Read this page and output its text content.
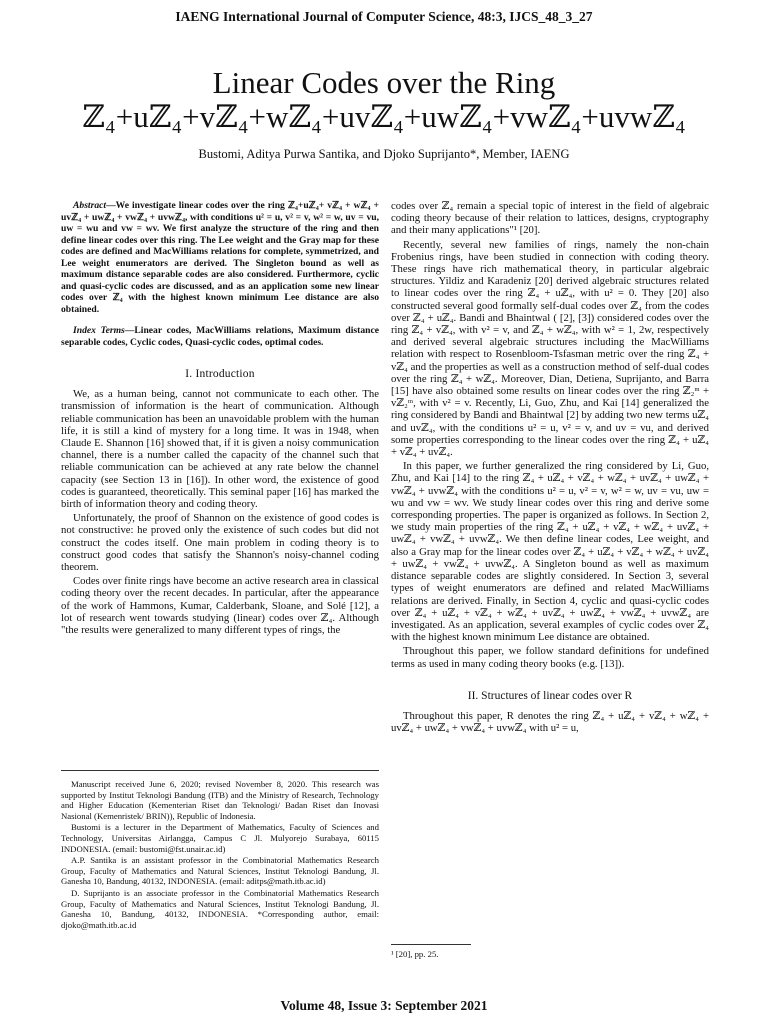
IAENG International Journal of Computer Science, 48:3, IJCS_48_3_27
Linear Codes over the Ring
ℤ₄+uℤ₄+vℤ₄+wℤ₄+uvℤ₄+uwℤ₄+vwℤ₄+uvwℤ₄
Bustomi, Aditya Purwa Santika, and Djoko Suprijanto*, Member, IAENG

Abstract—We investigate linear codes over the ring ℤ₄+uℤ₄+ vℤ₄ + wℤ₄ + uvℤ₄ + uwℤ₄ + vwℤ₄ + uvwℤ₄, with conditions u² = u, v² = v, w² = w, uv = vu, uw = wu and vw = wv. We first analyze the structure of the ring and then define linear codes over this ring. The Lee weight and the Gray map for these codes are defined and MacWilliams relations for complete, symmetrized, and Lee weight enumerators are derived. The Singleton bound as well as maximum distance separable codes are also considered. Furthermore, cyclic and quasi-cyclic codes are discussed, and as an application some new linear codes over ℤ₄ with the highest known minimum Lee distance are also obtained.

Index Terms—Linear codes, MacWilliams relations, Maximum distance separable codes, Cyclic codes, Quasi-cyclic codes, optimal codes.

I. Introduction

We, as a human being, cannot not communicate to each other. The transmission of information is the heart of communication. Although reliable communication has been an unavoidable problem with the human life, it is still a kind of mystery for a long time. It was in 1948, when Claude E. Shannon [16] showed that, if it is given a noisy communication channel, there is a number called the capacity of the channel such that reliable communication can be achieved at any rate below the channel capacity (see Section 13 in [16]). In other word, the existence of good codes is guaranteed, theoretically. This seminal paper [16] has marked the birth of information theory and coding theory.

Unfortunately, the proof of Shannon on the existence of good codes is not constructive: he proved only the existence of such codes but did not construct the codes itself. One main problem in coding theory is to construct good codes that satisfy the Shannon's noisy-channel coding theorem.

Codes over finite rings have become an active research area in classical coding theory over the recent decades. In particular, after the appearance of the work of Hammons, Kumar, Calderbank, Sloane, and Solé [12], a lot of research went towards studying (linear) codes over ℤ₄. Although "the results were generalized to many different types of rings, the

Manuscript received June 6, 2020; revised November 8, 2020. This research was supported by Institut Teknologi Bandung (ITB) and the Ministry of Research, Technology and Higher Education (Kementerian Riset dan Teknologi/ Badan Riset dan Inovasi Nasional (Kemenristek/ BRIN)), Republic of Indonesia.

Bustomi is a lecturer in the Department of Mathematics, Faculty of Sciences and Technology, Universitas Airlangga, Campus C Jl. Mulyorejo Surabaya, 60115 INDONESIA. (email: bustomi@fst.unair.ac.id)

A.P. Santika is an assistant professor in the Combinatorial Mathematics Research Group, Faculty of Mathematics and Natural Sciences, Institut Teknologi Bandung, Jl. Ganesha 10, Bandung, 40132, INDONESIA. (email: aditps@math.itb.ac.id)

D. Suprijanto is an associate professor in the Combinatorial Mathematics Research Group, Faculty of Mathematics and Natural Sciences, Institut Teknologi Bandung, Jl. Ganesha 10, Bandung, 40132, INDONESIA. *Corresponding author, email: djoko@math.itb.ac.id

codes over ℤ₄ remain a special topic of interest in the field of algebraic coding theory because of their relation to lattices, designs, cryptography and their many applications"¹ [20].

Recently, several new families of rings, namely the non-chain Frobenius rings, have been studied in connection with coding theory. These rings have rich mathematical theory, in particular algebraic structures. Yildiz and Karadeniz [20] derived algebraic structures related to linear codes over the ring ℤ₄ + uℤ₄, with u² = 0. They [20] also constructed several good formally self-dual codes over ℤ₄ from the codes over ℤ₄ + uℤ₄. Bandi and Bhaintwal ( [2], [3]) considered codes over the ring ℤ₄ + vℤ₄, with v² = v, and ℤ₄ + wℤ₄, with w² = 1, 2w, respectively and derived several algebraic structures including the MacWilliams relation with respect to Rosenbloom-Tsfasman metric over the ring ℤ₄ + vℤ₄ and the properties as well as a construction method of self-dual codes over the ring ℤ₄ + wℤ₄. Moreover, Dian, Detiena, Suprijanto, and Barra [15] have also obtained some results on linear codes over the ring ℤ₂ᵐ + vℤ₂ᵐ, with v² = v. Recently, Li, Guo, Zhu, and Kai [14] generalized the ring considered by Bandi and Bhaintwal [2] by adding two new terms uℤ₄ and uvℤ₄, with the conditions u² = u, v² = v, and uv = vu, and derived some properties corresponding to the linear codes over the ring ℤ₄ + uℤ₄ + vℤ₄ + uvℤ₄.

In this paper, we further generalized the ring considered by Li, Guo, Zhu, and Kai [14] to the ring ℤ₄ + uℤ₄ + vℤ₄ + wℤ₄ + uvℤ₄ + uwℤ₄ + vwℤ₄ + uvwℤ₄ with the conditions u² = u, v² = v, w² = w, uv = vu, uw = wu and vw = wv. We study linear codes over this ring and derive some corresponding properties. The paper is organized as follows. In Section 2, we study main properties of the ring ℤ₄ + uℤ₄ + vℤ₄ + wℤ₄ + uvℤ₄ + uwℤ₄ + vwℤ₄ + uvwℤ₄. We then define linear codes, Lee weight, and also a Gray map for the linear codes over ℤ₄ + uℤ₄ + vℤ₄ + wℤ₄ + uvℤ₄ + uwℤ₄ + vwℤ₄ + uvwℤ₄. A Singleton bound as well as maximum distance separable codes are slightly considered. In Section 3, several types of weight enumerators are defined and related MacWilliams relations are derived. Finally, in Section 4, cyclic and quasi-cyclic codes over ℤ₄ + uℤ₄ + vℤ₄ + wℤ₄ + uvℤ₄ + uwℤ₄ + vwℤ₄ + uvwℤ₄ are investigated. As an application, several examples of cyclic codes over ℤ₄ with the highest known minimum Lee distance are obtained.

Throughout this paper, we follow standard definitions for undefined terms as used in many coding theory books (e.g. [13]).

II. Structures of linear codes over R

Throughout this paper, R denotes the ring ℤ₄ + uℤ₄ + vℤ₄ + wℤ₄ + uvℤ₄ + uwℤ₄ + vwℤ₄ + uvwℤ₄ with u² = u,

¹ [20], pp. 25.
Volume 48, Issue 3: September 2021
